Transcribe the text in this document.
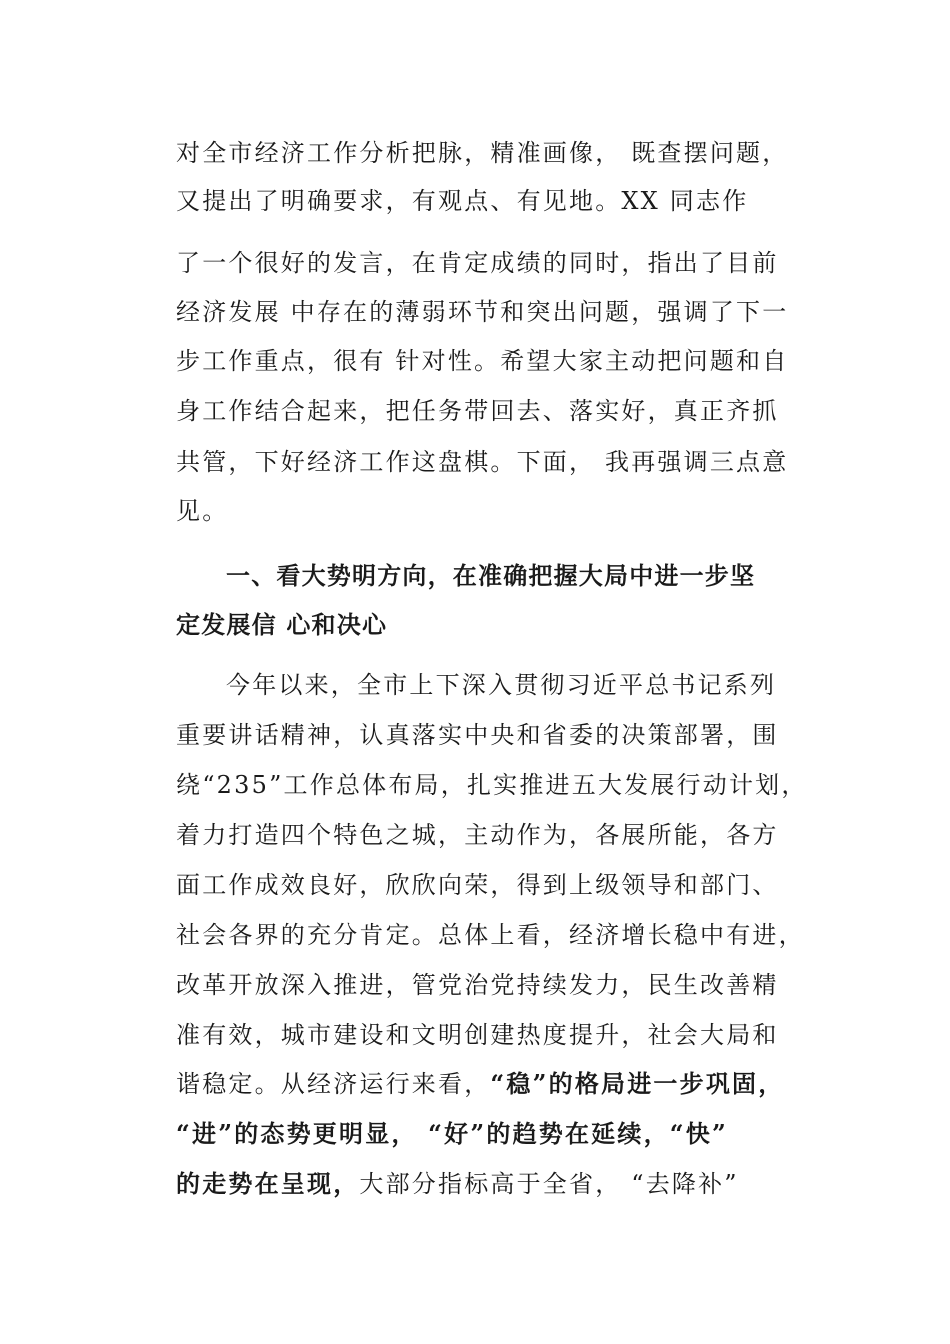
对全市经济工作分析把脉，精准画像， 既查摆问题，
又提出了明确要求，有观点、有见地。XX 同志作
了一个很好的发言，在肯定成绩的同时，指出了目前
经济发展 中存在的薄弱环节和突出问题，强调了下一
步工作重点，很有 针对性。希望大家主动把问题和自
身工作结合起来，把任务带回去、落实好，真正齐抓
共管，下好经济工作这盘棋。下面， 我再强调三点意
见。
一、看大势明方向，在准确把握大局中进一步坚
定发展信 心和决心
今年以来，全市上下深入贯彻习近平总书记系列
重要讲话精神，认真落实中央和省委的决策部署，围
绕“235”工作总体布局，扎实推进五大发展行动计划，
着力打造四个特色之城，主动作为，各展所能，各方
面工作成效良好，欣欣向荣，得到上级领导和部门、
社会各界的充分肯定。总体上看，经济增长稳中有进，
改革开放深入推进，管党治党持续发力，民生改善精
准有效，城市建设和文明创建热度提升，社会大局和
谐稳定。从经济运行来看，“稳”的格局进一步巩固，
“进”的态势更明显， “好”的趋势在延续，“快”
的走势在呈现，大部分指标高于全省， “去降补”
